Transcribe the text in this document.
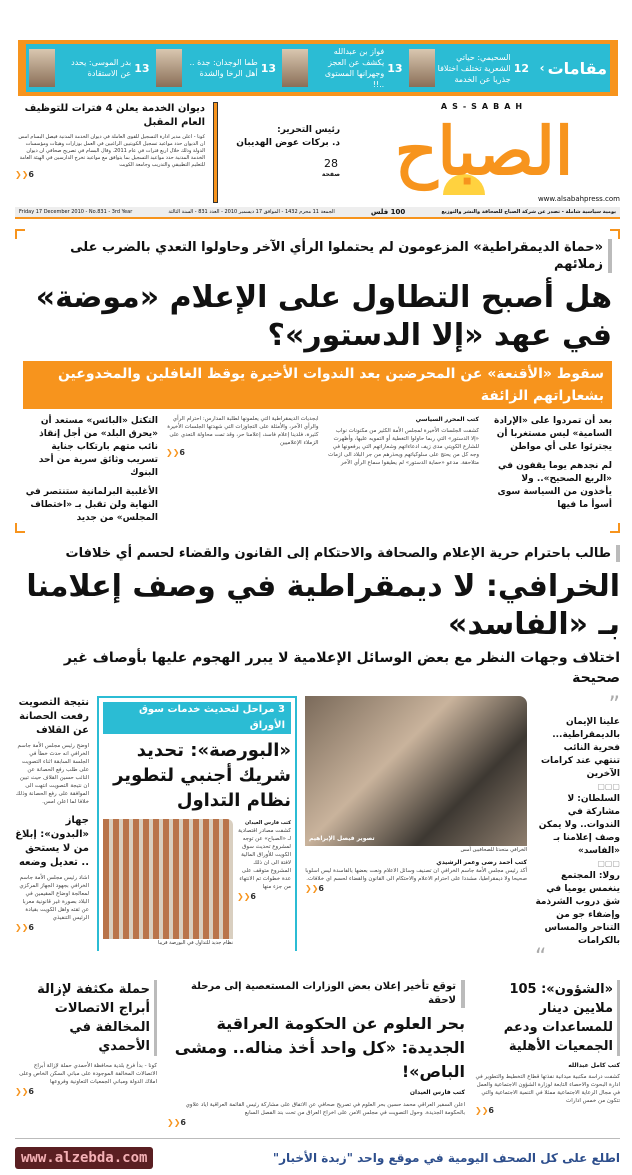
مقامات
‹
12
السحيمي: حياتي الشعرية تختلف اختلافا جذريا عن الخدمة
13
فواز بن عبدالله يكشف عن العجز وجهرانها المستوى ..!!
13
طما الوجدان: جدة .. أهل الرخا والشدة
13
بدر الموسى: يحدد عن الاستقادة
ديوان الخدمة يعلن 4 فترات للتوظيف العام المقبل
كونا - اعلن مدير ادارة التسجيل للقوى العاملة في ديوان الخدمة المدنية فيصل البسام امس ان الديوان حدد مواعيد تسجيل الكويتيين الراغبين في العمل بوزارات وهيئات ومؤسسات الدولة وذلك خلال اربع فترات في عام 2011. وقال البسام في تصريح صحافي ان ديوان الخدمة المدنية حدد مواعيد التسجيل بما يتوافق مع مواعيد تخرج الدارسين في الهيئة العامة للتعليم التطبيقي والتدريب وجامعة الكويت
6❮❮
رئيس التحرير:
د. بركات عوض الهديبان
28
صفحة
AS-SABAH
الصباح
www.alsabahpress.com
Friday 17 December 2010 - No.831 - 3rd Year	الجمعة 11 محرم 1432 - الموافق 17 ديسمبر 2010 - العدد 831 - السنة الثالثة	100 فلس	يومية سياسية شاملة - تصدر عن شركة الصباح للصحافة والنشر والتوزيع
«حماة الديمقراطية» المزعومون لم يحتملوا الرأي الآخر وحاولوا التعدي بالضرب على زملائهم
هل أصبح التطاول على الإعلام «موضة» في عهد «إلا الدستور»؟
سقوط «الأقنعة» عن المحرضين بعد الندوات الأخيرة يوقظ الغافلين والمخدوعين بشعاراتهم الزائفة
بعد أن تمردوا على «الإرادة السامية» ليس مستغربا أن يجترئوا على أي مواطن
لم نجدهم يوما يقفون في «الربع الصحيح».. ولا يأخذون من السياسة سوى أسوأ ما فيها
كتب المحرر السياسي
كشفت الجلسات الأخيرة لمجلس الأمة الكثير من مكنونات نواب «إلا الدستور» التي ربما حاولوا التغطية أو التمويه عليها، وأظهرت للشارع الكويتي مدى زيف ادعاءاتهم وشعاراتهم التي يرفعونها في وجه كل من يحتج على سلوكياتهم ويحذرهم من جر البلاد الى ازمات متلاحقة. مدعو «حماية الدستور» لم يطيقوا سماع الرأي الآخر
ابجديات الديمقراطية التي يعلمونها لطلبة المدارس: احترام الرأي والرأي الآخر، والأمثلة على التجاوزات التي شهدتها الجلسات الأخيرة كثيرة، فلدينا إعلام فاسد، إعلامنا حر، وقد تمت محاولة التعدي على الزملاء الإعلاميين
6❮❮
التكتل «البائس» مستعد أن «يحرق البلد» من أجل إنقاذ نائب متهم بارتكاب جناية تسريب وثائق سرية من أحد البنوك
الأغلبية البرلمانية ستنتصر في النهاية ولن تقبل بـ «اختطاف المجلس» من جديد
طالب باحترام حرية الإعلام والصحافة والاحتكام إلى القانون والقضاء لحسم أي خلافات
الخرافي: لا ديمقراطية في وصف إعلامنا بـ «الفاسد»
اختلاف وجهات النظر مع بعض الوسائل الإعلامية لا يبرر الهجوم عليها بأوصاف غير صحيحة
”
علينا الإيمان بالديمقراطية... فحرية النائب تنتهي عند كرامات الآخرين
▢▢▢
السلطان: لا مشاركة في الندوات.. ولا يمكن وصف إعلامنا بـ «الفاسد»
▢▢▢
رولا: المجتمع ينغمس يوميا في شق دروب الشرذمة وإضفاء جو من التناحر والمساس بالكرامات
“
تصوير فيصل الإبراهيم
الخرافي متحدثا للصحافيين أمس
كتب أحمد رضى وعمر الرشيدي
أكد رئيس مجلس الأمة جاسم الخرافي ان تصنيف وسائل الاعلام ونعت بعضها بالفاسدة ليس اسلوبا صحيحا ولا ديمقراطيا، مشددا على احترام الاعلام والاحتكام الى القانون والقضاء لحسم اي خلافات.
6❮❮
3 مراحل لتحديث خدمات سوق الأوراق
«البورصة»: تحديد شريك أجنبي لتطوير نظام التداول
كتب فارس العيدان
كشفت مصادر اقتصادية لـ «الصباح» عن توجه لمشروع تحديث سوق الكويت للأوراق المالية لافتة الى ان ذلك المشروع متوقف على عدة خطوات تم الانتهاء من جزء منها
6❮❮
نظام جديد للتداول في البورصة قريبا
نتيجة التصويت رفعت الحصانة عن القلاف
اوضح رئيس مجلس الأمة جاسم الخرافي انه حدث خطأ في الجلسة السابقة اثناء التصويت على طلب رفع الحصانة عن النائب حسين القلاف حيث تبين ان نتيجة التصويت انتهت الى الموافقة على رفع الحصانة وذلك خلافا لما اعلن امس.
جهاز «البدون»: إبلاغ من لا يستحق .. تعديل وضعه
اشاد رئيس مجلس الأمة جاسم الخرافي بجهود الجهاز المركزي لمعالجة اوضاع المقيمين في البلاد بصورة غير قانونية معربا عن ثقته واهل الكويت بقيادة الرئيس التنفيذي
6❮❮
«الشؤون»: 105 ملايين دينار للمساعدات ودعم الجمعيات الأهلية
كتب كامل عبدالله
كشفت دراسة مكتبية ميدانية نفذتها قطاع التخطيط والتطوير في ادارة البحوث والاحصاء التابعة لوزارة الشؤون الاجتماعية والعمل في مجال الرعاية الاجتماعية ممثلا في التنمية الاجتماعية والتي تتكون من خمس ادارات
6❮❮
توقع تأخير إعلان بعض الوزارات المستعصية إلى مرحلة لاحقة
بحر العلوم عن الحكومة العراقية الجديدة: «كل واحد أخذ مناله.. ومشى الباص»!
كتب فارس العيدان
اعلن السفير العراقي محمد حسين بحر العلوم في تصريح صحافي عن الاتفاق على مشاركة رئيس القائمة العراقية اياد علاوي بالحكومة الجديدة. وحول التصويت في مجلس الامن على اخراج العراق من تحت بند الفصل السابع
6❮❮
حملة مكثفة لإزالة أبراج الاتصالات المخالفة في الأحمدي
كونا - بدأ فرع بلدية محافظة الأحمدي حملة لإزالة أبراج الاتصالات المخالفة الموجودة على مباني السكن الخاص وعلى املاك الدولة ومباني الجمعيات التعاونية وفروعها
6❮❮
www.alzebda.com	اطلع على كل الصحف اليومية في موقع واحد "زبدة الأخبار"
